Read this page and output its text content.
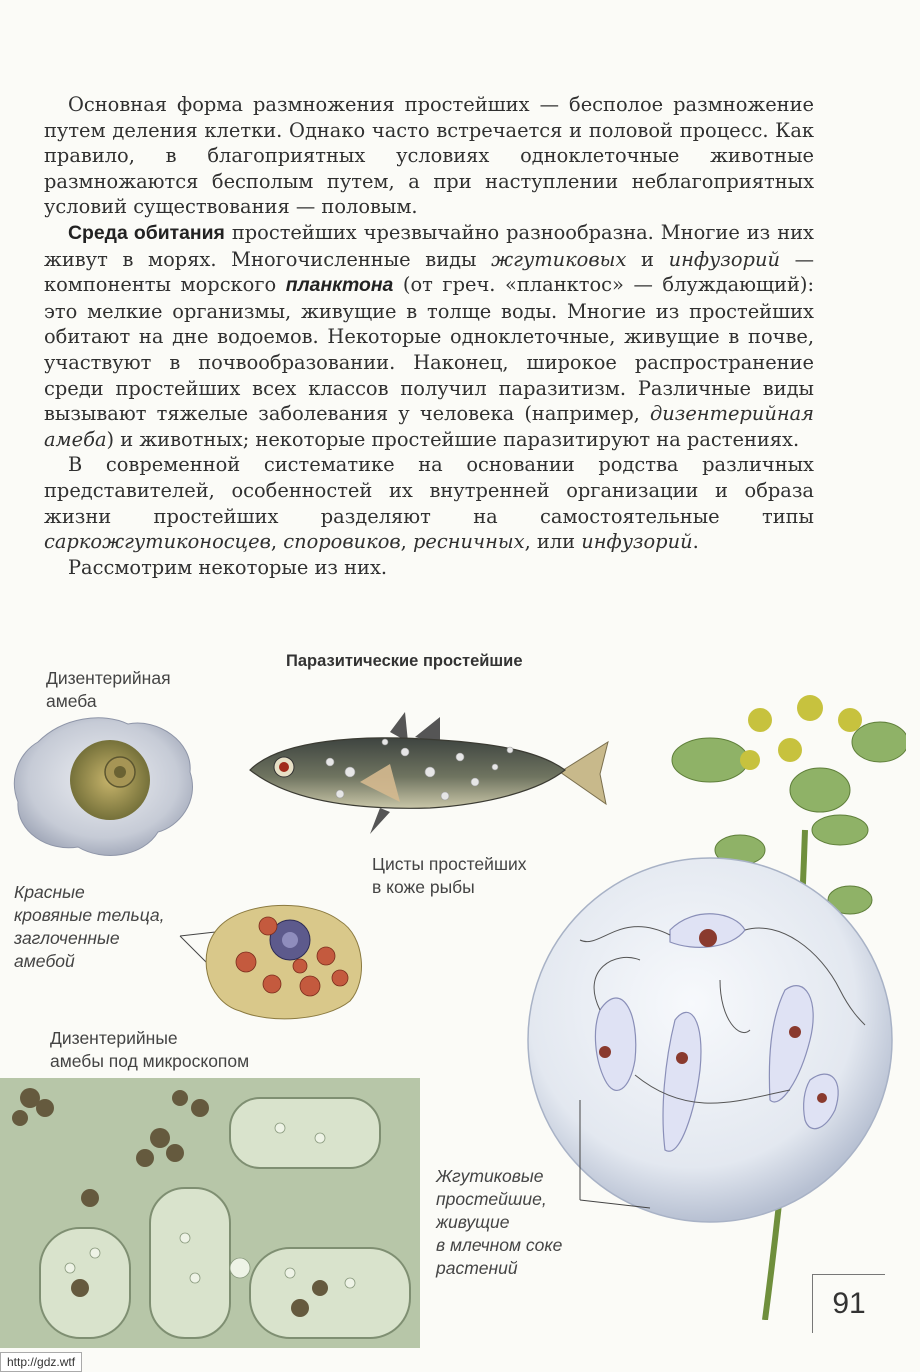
Основная форма размножения простейших — бесполое размножение путем деления клетки. Однако часто встречается и половой процесс. Как правило, в благоприятных условиях одноклеточные животные размножаются бесполым путем, а при наступлении неблагоприятных условий существования — половым.

Среда обитания простейших чрезвычайно разнообразна. Многие из них живут в морях. Многочисленные виды жгутиковых и инфузорий — компоненты морского планктона (от греч. «планктос» — блуждающий): это мелкие организмы, живущие в толще воды. Многие из простейших обитают на дне водоемов. Некоторые одноклеточные, живущие в почве, участвуют в почвообразовании. Наконец, широкое распространение среди простейших всех классов получил паразитизм. Различные виды вызывают тяжелые заболевания у человека (например, дизентерийная амеба) и животных; некоторые простейшие паразитируют на растениях.

В современной систематике на основании родства различных представителей, особенностей их внутренней организации и образа жизни простейших разделяют на самостоятельные типы саркожгутиконосцев, споровиков, ресничных, или инфузорий.

Рассмотрим некоторые из них.

Паразитические простейшие
Дизентерийная
амеба
Цисты простейших
в коже рыбы
Красные
кровяные тельца,
заглоченные
амебой
Дизентерийные
амебы под микроскопом
Жгутиковые
простейшие,
живущие
в млечном соке
растений
91
http://gdz.wtf
